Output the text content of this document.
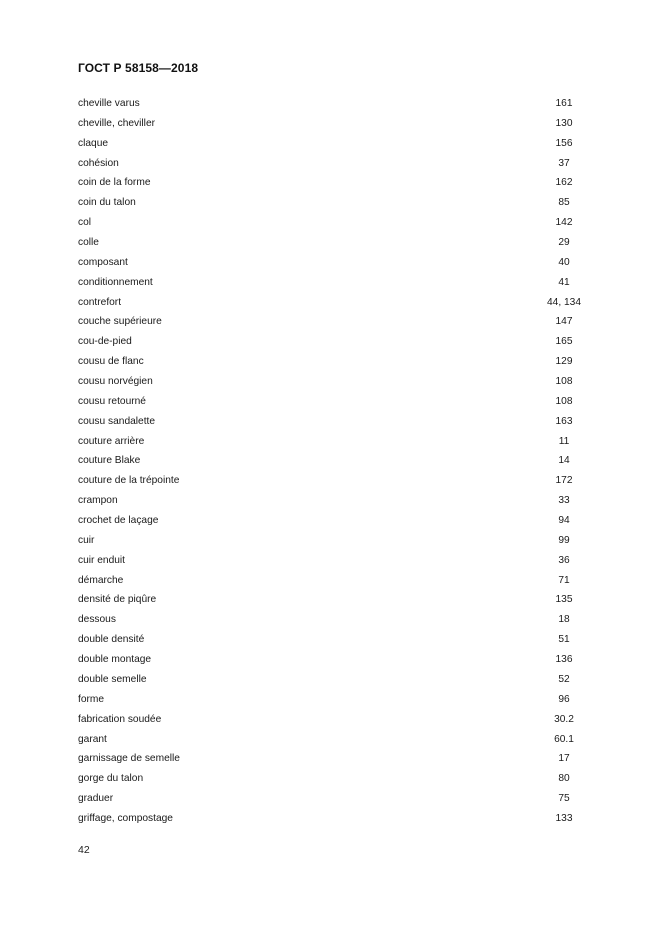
ГОСТ Р 58158—2018
cheville varus	161
cheville, cheviller	130
claque	156
cohésion	37
coin de la forme	162
coin du talon	85
col	142
colle	29
composant	40
conditionnement	41
contrefort	44, 134
couche supérieure	147
cou-de-pied	165
cousu de flanc	129
cousu norvégien	108
cousu retourné	108
cousu sandalette	163
couture arrière	11
couture Blake	14
couture de la trépointe	172
crampon	33
crochet de laçage	94
cuir	99
cuir enduit	36
démarche	71
densité de piqûre	135
dessous	18
double densité	51
double montage	136
double semelle	52
forme	96
fabrication soudée	30.2
garant	60.1
garnissage de semelle	17
gorge du talon	80
graduer	75
griffage, compostage	133
42
